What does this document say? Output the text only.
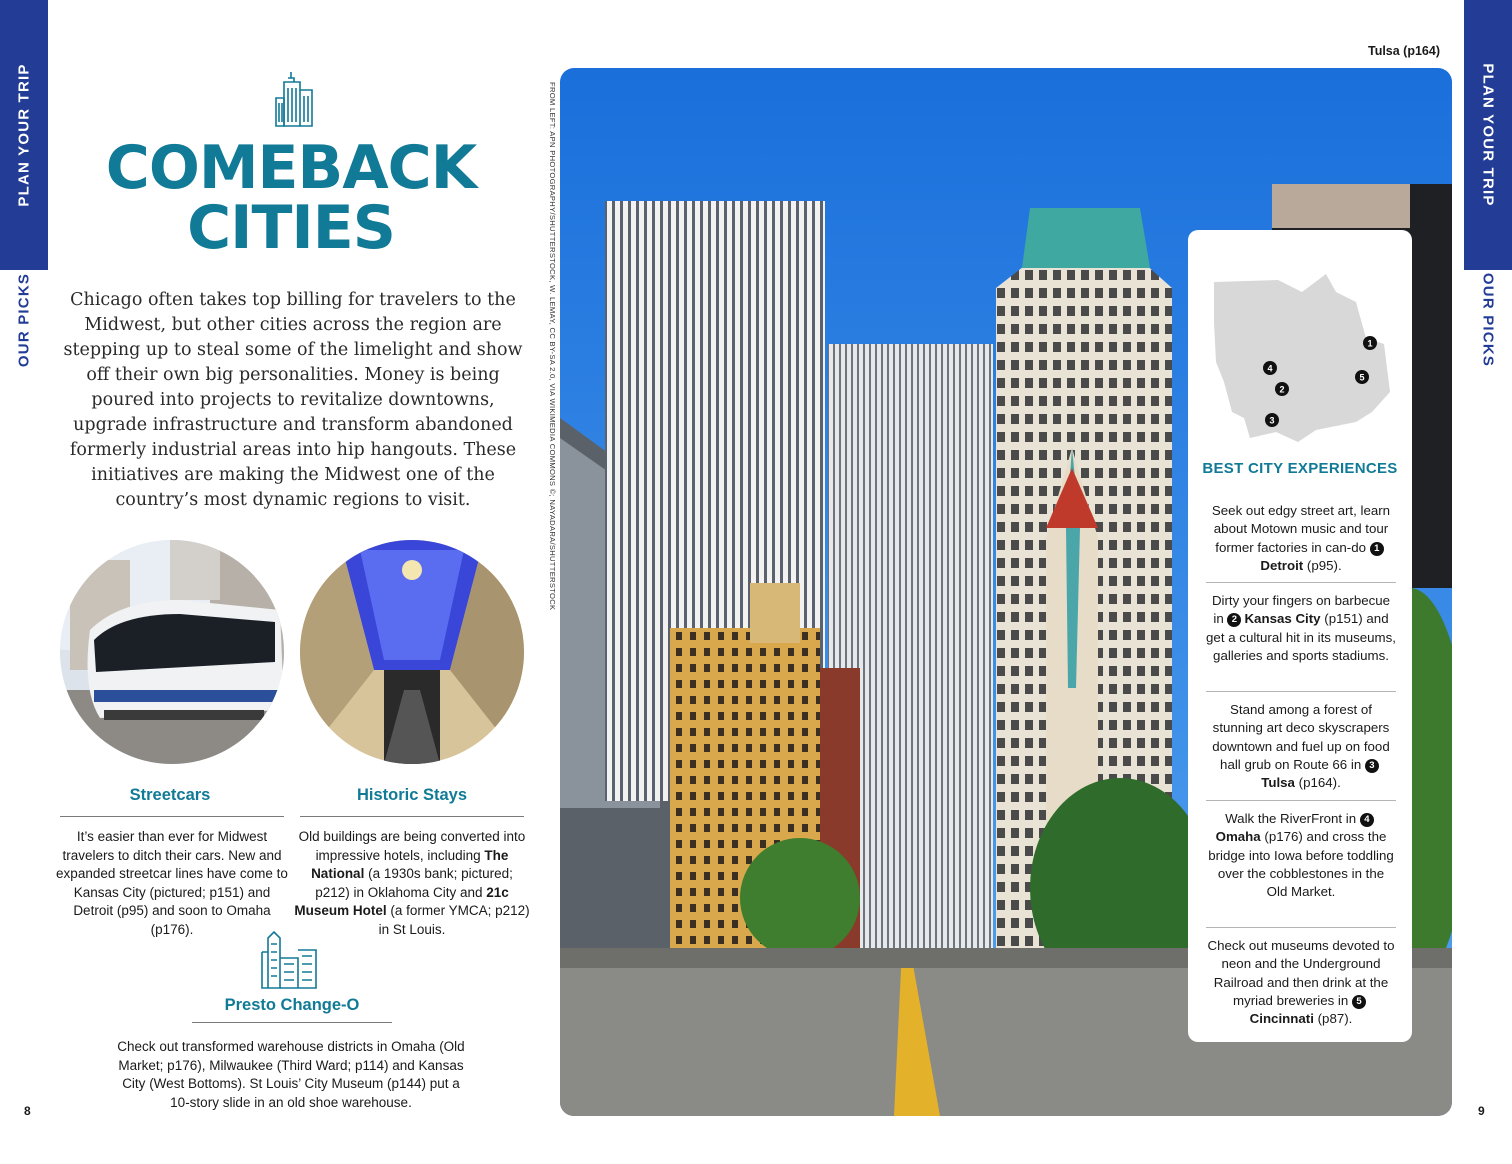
PLAN YOUR TRIP
OUR PICKS
PLAN YOUR TRIP
OUR PICKS
COMEBACK
CITIES

Chicago often takes top billing for travelers to the Midwest, but other cities across the region are stepping up to steal some of the limelight and show off their own big personalities. Money is being poured into projects to revitalize downtowns, upgrade infrastructure and transform abandoned formerly industrial areas into hip hangouts. These initiatives are making the Midwest one of the country’s most dynamic regions to visit.

Streetcars

It’s easier than ever for Midwest travelers to ditch their cars. New and expanded streetcar lines have come to Kansas City (pictured; p151) and Detroit (p95) and soon to Omaha (p176).

Historic Stays

Old buildings are being converted into impressive hotels, including The National (a 1930s bank; pictured; p212) in Oklahoma City and 21c Museum Hotel (a former YMCA; p212) in St Louis.

Presto Change-O

Check out transformed warehouse districts in Omaha (Old Market; p176), Milwaukee (Third Ward; p114) and Kansas City (West Bottoms). St Louis’ City Museum (p144) put a 10-story slide in an old shoe warehouse.

8	9
FROM LEFT: APN PHOTOGRAPHY/SHUTTERSTOCK, W. LEMAY, CC BY-SA 2.0, VIA WIKIMEDIA COMMONS ©; NAYADARA/SHUTTERSTOCK
Tulsa (p164)
1
4
5
2
3
BEST CITY EXPERIENCES

Seek out edgy street art, learn about Motown music and tour former factories in can-do 1Detroit (p95).

Dirty your fingers on barbecue in 2 Kansas City (p151) and get a cultural hit in its museums, galleries and sports stadiums.

Stand among a forest of stunning art deco skyscrapers downtown and fuel up on food hall grub on Route 66 in 3Tulsa (p164).

Walk the RiverFront in 4Omaha (p176) and cross the bridge into Iowa before toddling over the cobblestones in the Old Market.

Check out museums devoted to neon and the Underground Railroad and then drink at the myriad breweries in 5Cincinnati (p87).
